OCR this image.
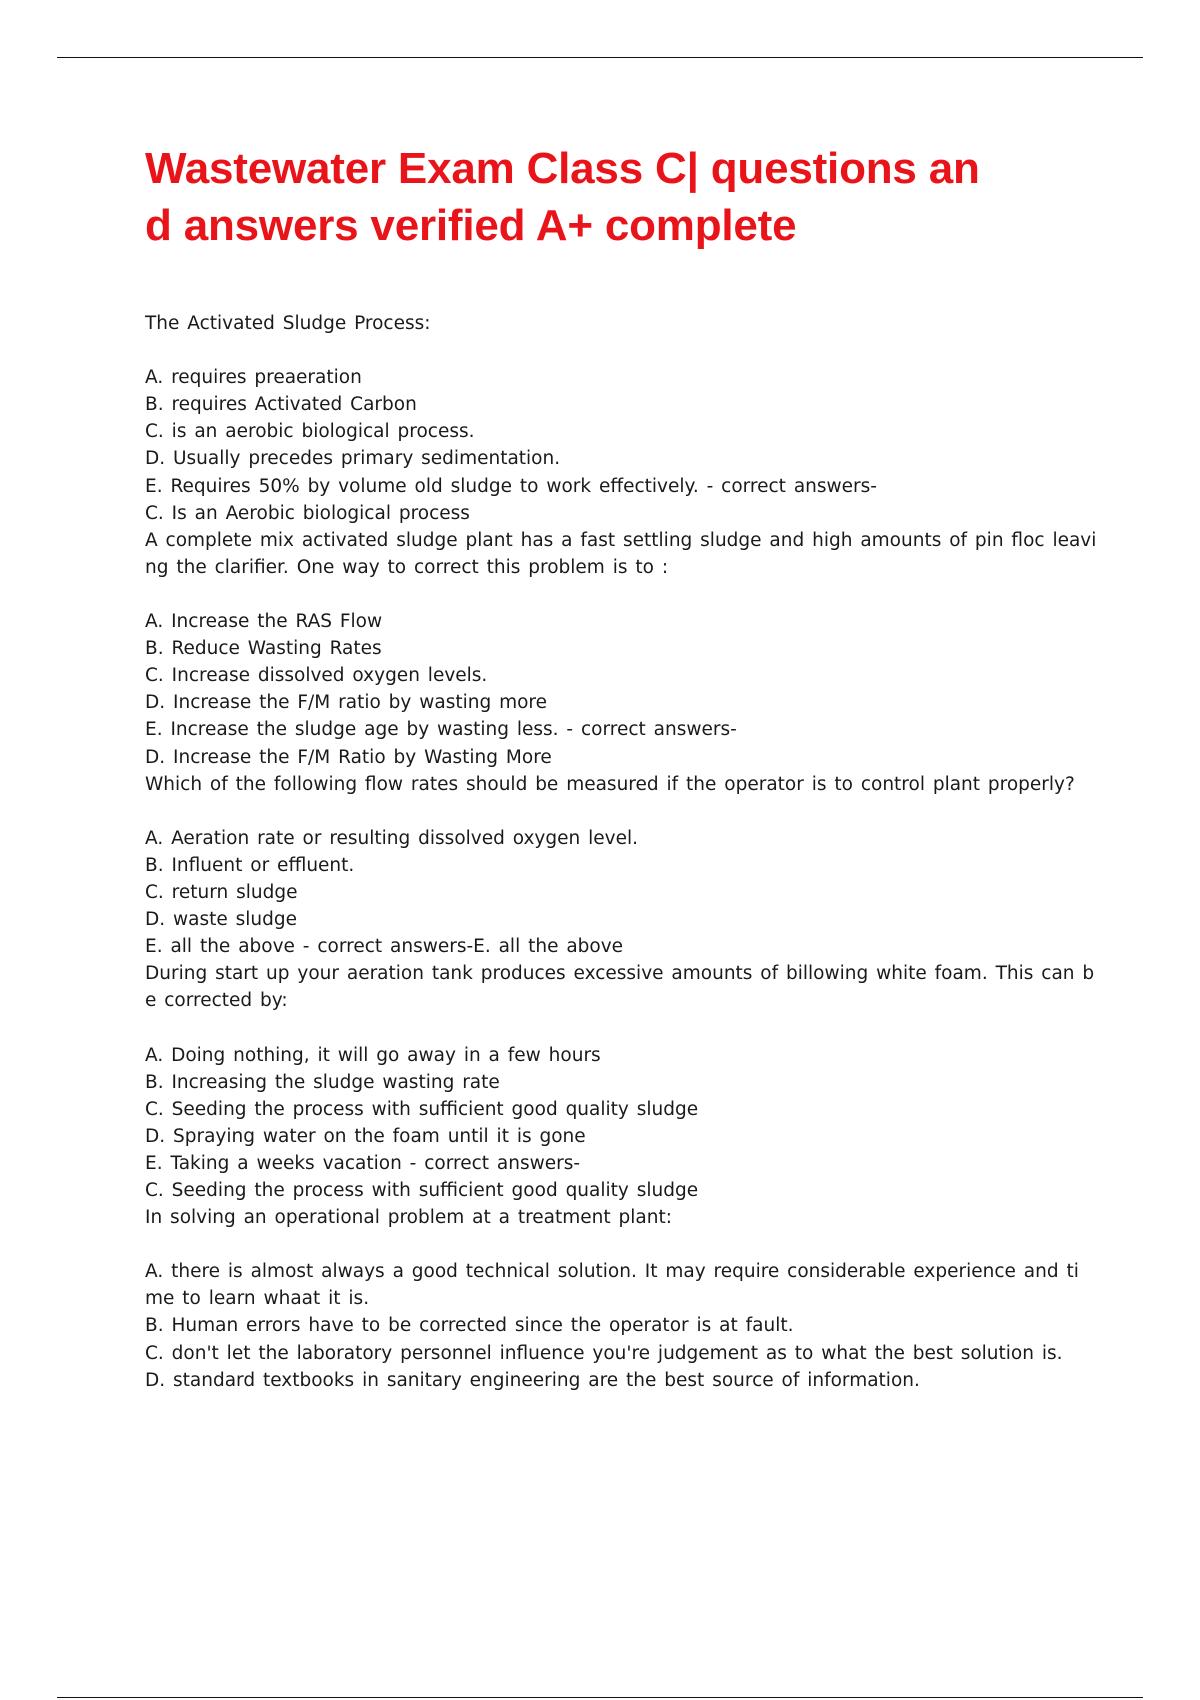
Wastewater Exam Class C| questions an
d answers verified A+ complete
The Activated Sludge Process:
A. requires preaeration
B. requires Activated Carbon
C. is an aerobic biological process.
D. Usually precedes primary sedimentation.
E. Requires 50% by volume old sludge to work effectively. - correct answers-
C. Is an Aerobic biological process
A complete mix activated sludge plant has a fast settling sludge and high amounts of pin floc leavi
ng the clarifier. One way to correct this problem is to :
A. Increase the RAS Flow
B. Reduce Wasting Rates
C. Increase dissolved oxygen levels.
D. Increase the F/M ratio by wasting more
E. Increase the sludge age by wasting less. - correct answers-
D. Increase the F/M Ratio by Wasting More
Which of the following flow rates should be measured if the operator is to control plant properly?
A. Aeration rate or resulting dissolved oxygen level.
B. Influent or effluent.
C. return sludge
D. waste sludge
E. all the above - correct answers-E. all the above
During start up your aeration tank produces excessive amounts of billowing white foam. This can b
e corrected by:
A. Doing nothing, it will go away in a few hours
B. Increasing the sludge wasting rate
C. Seeding the process with sufficient good quality sludge
D. Spraying water on the foam until it is gone
E. Taking a weeks vacation - correct answers-
C. Seeding the process with sufficient good quality sludge
In solving an operational problem at a treatment plant:
A. there is almost always a good technical solution. It may require considerable experience and ti
me to learn whaat it is.
B. Human errors have to be corrected since the operator is at fault.
C. don't let the laboratory personnel influence you're judgement as to what the best solution is.
D. standard textbooks in sanitary engineering are the best source of information.
